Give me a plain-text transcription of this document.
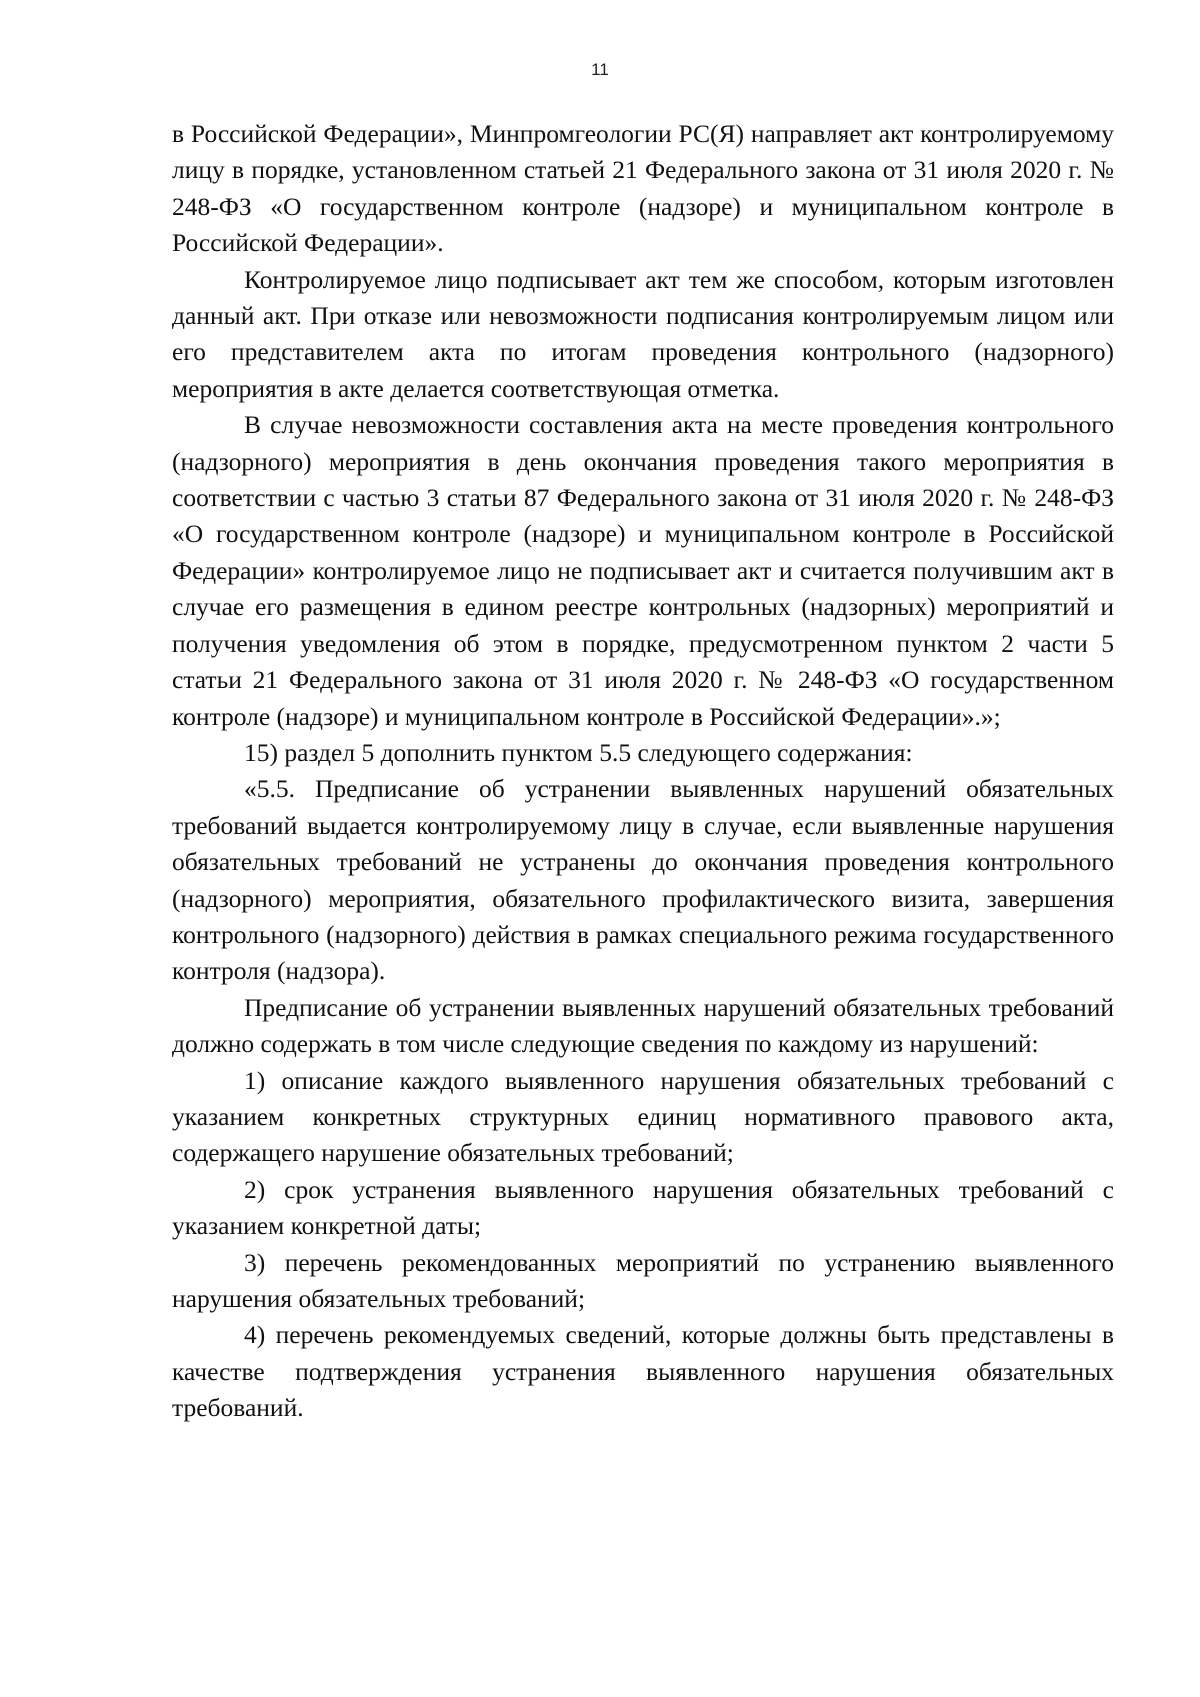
11

в Российской Федерации», Минпромгеологии РС(Я) направляет акт контролируемому лицу в порядке, установленном статьей 21 Федерального закона от 31 июля 2020 г. № 248-ФЗ «О государственном контроле (надзоре) и муниципальном контроле в Российской Федерации».

Контролируемое лицо подписывает акт тем же способом, которым изготовлен данный акт. При отказе или невозможности подписания контролируемым лицом или его представителем акта по итогам проведения контрольного (надзорного) мероприятия в акте делается соответствующая отметка.

В случае невозможности составления акта на месте проведения контрольного (надзорного) мероприятия в день окончания проведения такого мероприятия в соответствии с частью 3 статьи 87 Федерального закона от 31 июля 2020 г. № 248-ФЗ «О государственном контроле (надзоре) и муниципальном контроле в Российской Федерации» контролируемое лицо не подписывает акт и считается получившим акт в случае его размещения в едином реестре контрольных (надзорных) мероприятий и получения уведомления об этом в порядке, предусмотренном пунктом 2 части 5 статьи 21 Федерального закона от 31 июля 2020 г. № 248-ФЗ «О государственном контроле (надзоре) и муниципальном контроле в Российской Федерации».»;

15) раздел 5 дополнить пунктом 5.5 следующего содержания:

«5.5. Предписание об устранении выявленных нарушений обязательных требований выдается контролируемому лицу в случае, если выявленные нарушения обязательных требований не устранены до окончания проведения контрольного (надзорного) мероприятия, обязательного профилактического визита, завершения контрольного (надзорного) действия в рамках специального режима государственного контроля (надзора).

Предписание об устранении выявленных нарушений обязательных требований должно содержать в том числе следующие сведения по каждому из нарушений:

1) описание каждого выявленного нарушения обязательных требований с указанием конкретных структурных единиц нормативного правового акта, содержащего нарушение обязательных требований;

2) срок устранения выявленного нарушения обязательных требований с указанием конкретной даты;

3) перечень рекомендованных мероприятий по устранению выявленного нарушения обязательных требований;

4) перечень рекомендуемых сведений, которые должны быть представлены в качестве подтверждения устранения выявленного нарушения обязательных требований.
